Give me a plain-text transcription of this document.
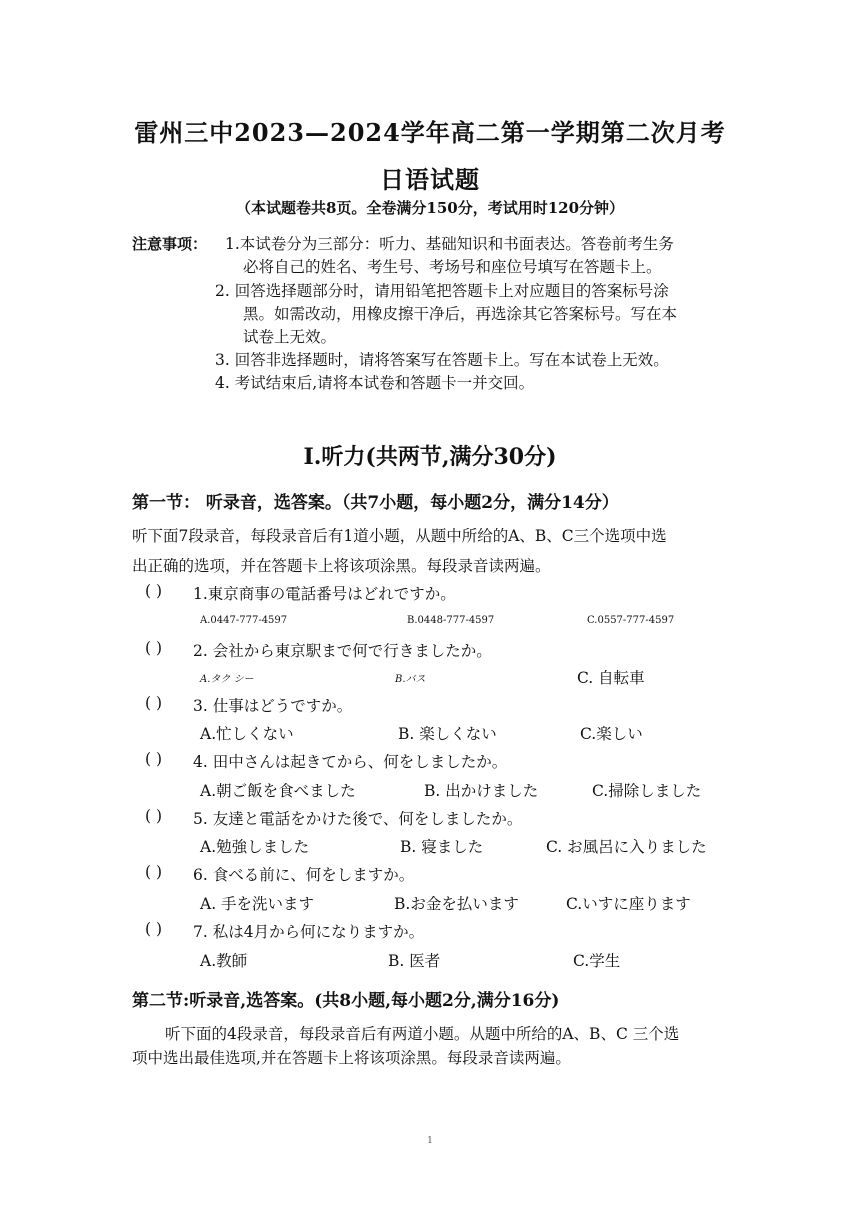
雷州三中2023—2024学年高二第一学期第二次月考
日语试题
（本试题卷共8页。全卷满分150分，考试用时120分钟）
注意事项： 1.本试卷分为三部分：听力、基础知识和书面表达。答卷前考生务
必将自己的姓名、考生号、考场号和座位号填写在答题卡上。
2. 回答选择题部分时，请用铅笔把答题卡上对应题目的答案标号涂
黑。如需改动，用橡皮擦干净后，再选涂其它答案标号。写在本
试卷上无效。
3. 回答非选择题时，请将答案写在答题卡上。写在本试卷上无效。
4. 考试结束后,请将本试卷和答题卡一并交回。
I.听力(共两节,满分30分)
第一节： 听录音，选答案。（共7小题，每小题2分，满分14分）
听下面7段录音，每段录音后有1道小题，从题中所给的A、B、C三个选项中选
出正确的选项，并在答题卡上将该项涂黑。每段录音读两遍。
( ) 1.東京商事の電話番号はどれですか。
A.0447-777-4597	B.0448-777-4597	C.0557-777-4597
( ) 2. 会社から東京駅まで何で行きましたか。
A.タク シー	B.バス	C. 自転車
( ) 3. 仕事はどうですか。
A.忙しくない	B. 楽しくない	C.楽しい
( ) 4. 田中さんは起きてから、何をしましたか。
A.朝ご飯を食べました	B. 出かけました	C.掃除しました
( ) 5. 友達と電話をかけた後で、何をしましたか。
A.勉強しました	B. 寝ました	C. お風呂に入りました
( ) 6. 食べる前に、何をしますか。
A. 手を洗います	B.お金を払います	C.いすに座ります
( ) 7. 私は4月から何になりますか。
A.教師	B. 医者	C.学生
第二节:听录音,选答案。(共8小题,每小题2分,满分16分)
听下面的4段录音，每段录音后有两道小题。从题中所给的A、B、C 三个选
项中选出最佳选项,并在答题卡上将该项涂黑。每段录音读两遍。
1
